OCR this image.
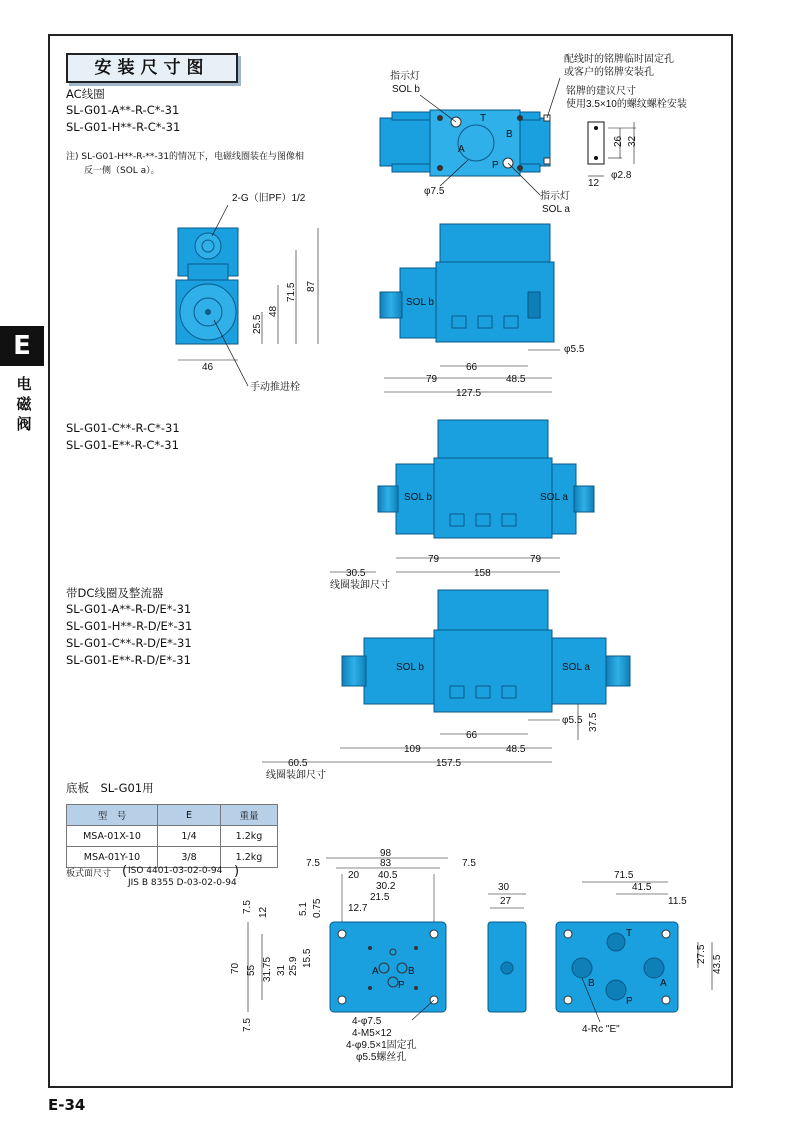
E
电磁阀
安装尺寸图
AC线圈
SL-G01-A**-R-C*-31
SL-G01-H**-R-C*-31
注) SL-G01-H**-R-**-31的情况下，电磁线圈装在与图像相
反一侧（SOL a）。
SL-G01-C**-R-C*-31
SL-G01-E**-R-C*-31
带DC线圈及整流器
SL-G01-A**-R-D/E*-31
SL-G01-H**-R-D/E*-31
SL-G01-C**-R-D/E*-31
SL-G01-E**-R-D/E*-31
底板　SL-G01用
型　号	E	重量
MSA-01X-10	1/4	1.2kg
MSA-01Y-10	3/8	1.2kg
板式面尺寸 ( ISO 4401-03-02-0-94
JIS B 8355 D-03-02-0-94
)
E-34
T
B
A
P
指示灯
SOL b
指示灯
SOL a
φ7.5
配线时的铭牌临时固定孔
或客户的铭牌安装孔
铭牌的建议尺寸
使用3.5×10的螺纹螺栓安装
26 32
12
φ2.8
2-G（旧PF）1/2
46
87
71.5
48
25.5
手动推进栓
SOL b
79
66
48.5
127.5
φ5.5
SOL b	SOL a
79	79
158
30.5
线圈装卸尺寸
SOL b	SOL a
φ5.5
66
109	48.5
157.5
60.5
线圈装卸尺寸
37.5
A	B
P
98
83
7.5	7.5
20 40.5
30.2
21.5
12.7
7.5 12	5.1 0.75
70 55 31.75 31 25.9 15.5
7.5	4-φ7.5
4-M5×12
4-φ9.5×1固定孔
φ5.5螺丝孔
30
27
T
B	A
P
71.5
41.5
11.5
27.5
43.5
4-Rc "E"
